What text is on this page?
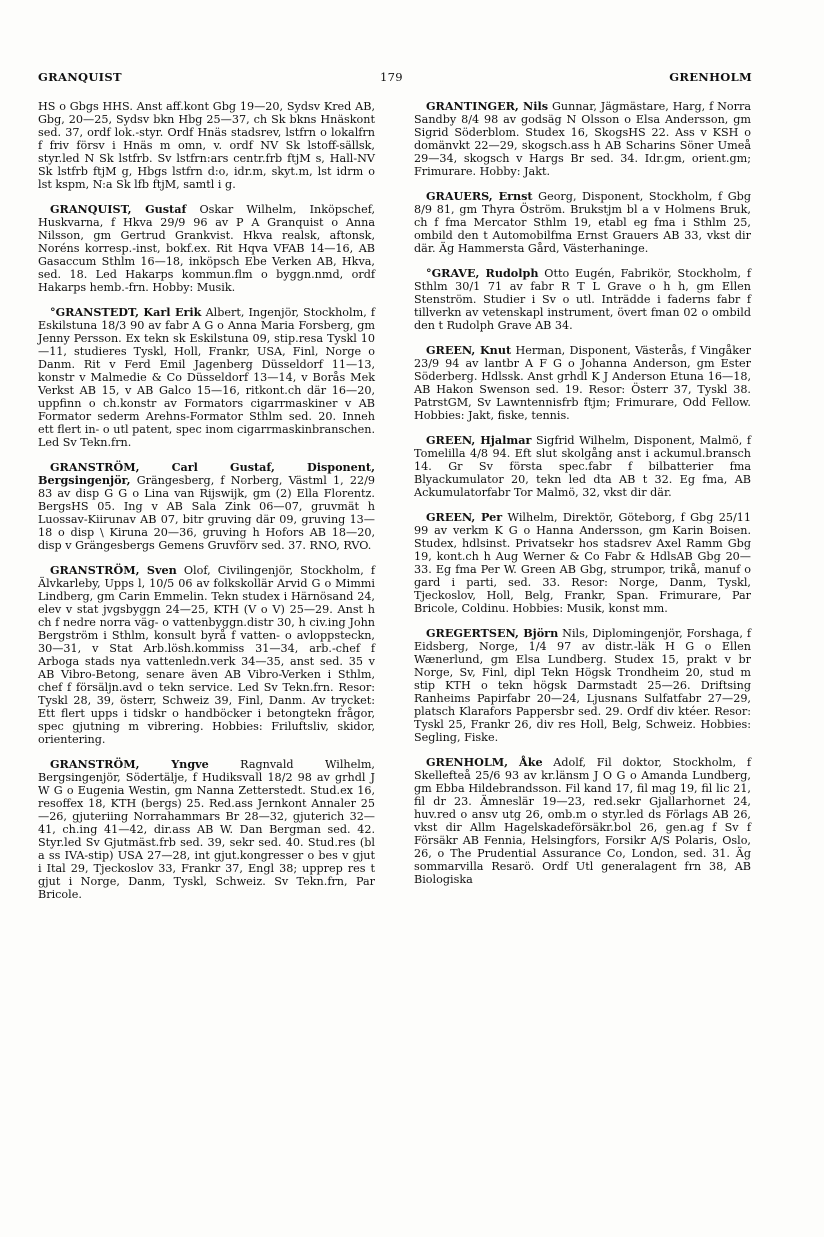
GRANQUIST	179	GRENHOLM

HS o Gbgs HHS. Anst aff.kont Gbg 19—20, Sydsv Kred AB, Gbg, 20—25, Sydsv bkn Hbg 25—37, ch Sk bkns Hnäskont sed. 37, ordf lok.-styr. Ordf Hnäs stadsrev, lstfrn o lokalfrn f friv försv i Hnäs m omn, v. ordf NV Sk lstoff-sällsk, styr.led N Sk lstfrb. Sv lstfrn:ars centr.frb ftjM s, Hall-NV Sk lstfrb ftjM g, Hbgs lstfrn d:o, idr.m, skyt.m, lst idrm o lst kspm, N:a Sk lfb ftjM, samtl i g.

GRANQUIST, Gustaf Oskar Wilhelm, Inköpschef, Huskvarna, f Hkva 29/9 96 av P A Granquist o Anna Nilsson, gm Gertrud Grankvist. Hkva realsk, aftonsk, Noréns korresp.-inst, bokf.ex. Rit Hqva VFAB 14—16, AB Gasaccum Sthlm 16—18, inköpsch Ebe Verken AB, Hkva, sed. 18. Led Hakarps kommun.flm o byggn.nmd, ordf Hakarps hemb.-frn. Hobby: Musik.

°GRANSTEDT, Karl Erik Albert, Ingenjör, Stockholm, f Eskilstuna 18/3 90 av fabr A G o Anna Maria Forsberg, gm Jenny Persson. Ex tekn sk Eskilstuna 09, stip.resa Tyskl 10—11, studieres Tyskl, Holl, Frankr, USA, Finl, Norge o Danm. Rit v Ferd Emil Jagenberg Düsseldorf 11—13, konstr v Malmedie & Co Düsseldorf 13—14, v Borås Mek Verkst AB 15, v AB Galco 15—16, ritkont.ch där 16—20, uppfinn o ch.konstr av Formators cigarrmaskiner v AB Formator sederm Arehns-Formator Sthlm sed. 20. Inneh ett flert in- o utl patent, spec inom cigarrmaskinbranschen. Led Sv Tekn.frn.

GRANSTRÖM, Carl Gustaf, Disponent, Bergsingenjör, Grängesberg, f Norberg, Västml 1, 22/9 83 av disp G G o Lina van Rijswijk, gm (2) Ella Florentz. BergsHS 05. Ing v AB Sala Zink 06—07, gruvmät h Luossav-Kiirunav AB 07, bitr gruving där 09, gruving 13—18 o disp \ Kiruna 20—36, gruving h Hofors AB 18—20, disp v Grängesbergs Gemens Gruvförv sed. 37. RNO, RVO.

GRANSTRÖM, Sven Olof, Civilingenjör, Stockholm, f Älvkarleby, Upps l, 10/5 06 av folkskollär Arvid G o Mimmi Lindberg, gm Carin Emmelin. Tekn studex i Härnösand 24, elev v stat jvgsbyggn 24—25, KTH (V o V) 25—29. Anst h ch f nedre norra väg- o vattenbyggn.distr 30, h civ.ing John Bergström i Sthlm, konsult byrå f vatten- o avloppsteckn, 30—31, v Stat Arb.lösh.kommiss 31—34, arb.-chef f Arboga stads nya vattenledn.verk 34—35, anst sed. 35 v AB Vibro-Betong, senare även AB Vibro-Verken i Sthlm, chef f försäljn.avd o tekn service. Led Sv Tekn.frn. Resor: Tyskl 28, 39, österr, Schweiz 39, Finl, Danm. Av trycket: Ett flert upps i tidskr o handböcker i betongtekn frågor, spec gjutning m vibrering. Hobbies: Friluftsliv, skidor, orientering.

GRANSTRÖM, Yngve	Ragnvald Wilhelm, Bergsingenjör, Södertälje, f Hudiksvall 18/2 98 av grhdl J W G o Eugenia Westin, gm Nanna Zetterstedt. Stud.ex 16, resoffex 18, KTH (bergs) 25. Red.ass Jernkont Annaler 25—26, gjuteriing Norrahammars Br 28—32, gjuterich 32—41, ch.ing 41—42, dir.ass AB W. Dan Bergman sed. 42. Styr.led Sv Gjutmäst.frb sed. 39, sekr sed. 40. Stud.res (bl a ss IVA-stip) USA 27—28, int gjut.kongresser o bes v gjut i Ital 29, Tjeckoslov 33, Frankr 37, Engl 38; upprep res t gjut i Norge, Danm, Tyskl, Schweiz. Sv Tekn.frn, Par Bricole.

GRANTINGER, Nils Gunnar, Jägmästare, Harg, f Norra Sandby 8/4 98 av godsäg N Olsson o Elsa Andersson, gm Sigrid Söderblom. Studex 16, SkogsHS 22. Ass v KSH o domänvkt 22—29, skogsch.ass h AB Scharins Söner Umeå 29—34, skogsch v Hargs Br sed. 34. Idr.gm, orient.gm; Frimurare. Hobby: Jakt.

GRAUERS, Ernst Georg, Disponent, Stockholm, f Gbg 8/9 81, gm Thyra Öström. Brukstjm bl a v Holmens Bruk, ch f fma Mercator Sthlm 19, etabl eg fma i Sthlm 25, ombild den t Automobilfma Ernst Grauers AB 33, vkst dir där. Äg Hammersta Gård, Västerhaninge.

°GRAVE, Rudolph Otto Eugén, Fabrikör, Stockholm, f Sthlm 30/1 71 av fabr R T L Grave o h h, gm Ellen Stenström. Studier i Sv o utl. Inträdde i faderns fabr f tillverkn av vetenskapl instrument, övert fman 02 o ombild den t Rudolph Grave AB 34.

GREEN, Knut Herman, Disponent, Västerås, f Vingåker 23/9 94 av lantbr A F G o Johanna Anderson, gm Ester Söderberg. Hdlssk. Anst grhdl K J Anderson Etuna 16—18, AB Hakon Swenson sed. 19. Resor: Österr 37, Tyskl 38. PatrstGM, Sv Lawntennisfrb ftjm; Frimurare, Odd Fellow. Hobbies: Jakt, fiske, tennis.

GREEN, Hjalmar Sigfrid Wilhelm, Disponent, Malmö, f Tomelilla 4/8 94. Eft slut skolgång anst i ackumul.bransch 14. Gr Sv första spec.fabr f bilbatterier fma Blyackumulator 20, tekn led dta AB t 32. Eg fma, AB Ackumulatorfabr Tor Malmö, 32, vkst dir där.

GREEN, Per Wilhelm, Direktör, Göteborg, f Gbg 25/11 99 av verkm K G o Hanna Andersson, gm Karin Boisen. Studex, hdlsinst. Privatsekr hos stadsrev Axel Ramm Gbg 19, kont.ch h Aug Werner & Co Fabr & HdlsAB Gbg 20—33. Eg fma Per W. Green AB Gbg, strumpor, trikå, manuf o gard i parti, sed. 33. Resor: Norge, Danm, Tyskl, Tjeckoslov, Holl, Belg, Frankr, Span. Frimurare, Par Bricole, Coldinu. Hobbies: Musik, konst mm.

GREGERTSEN, Björn Nils, Diplomingenjör, Forshaga, f Eidsberg, Norge, 1/4 97 av distr.-läk H G o Ellen Wænerlund, gm Elsa Lundberg. Studex 15, prakt v br Norge, Sv, Finl, dipl Tekn Högsk Trondheim 20, stud m stip KTH o tekn högsk Darmstadt 25—26. Driftsing Ranheims Papirfabr 20—24, Ljusnans Sulfatfabr 27—29, platsch Klarafors Pappersbr sed. 29. Ordf div ktéer. Resor: Tyskl 25, Frankr 26, div res Holl, Belg, Schweiz. Hobbies: Segling, Fiske.

GRENHOLM, Åke Adolf, Fil doktor, Stockholm, f Skellefteå 25/6 93 av kr.länsm J O G o Amanda Lundberg, gm Ebba Hildebrandsson. Fil kand 17, fil mag 19, fil lic 21, fil dr 23. Ämneslär 19—23, red.sekr Gjallarhornet 24, huv.red o ansv utg 26, omb.m o styr.led ds Förlags AB 26, vkst dir Allm Hagelskadeförsäkr.bol 26, gen.ag f Sv f Försäkr AB Fennia, Helsingfors, Forsikr A/S Polaris, Oslo, 26, o The Prudential Assurance Co, London, sed. 31. Äg sommarvilla Resarö. Ordf Utl generalagent frn 38, AB Biologiska
